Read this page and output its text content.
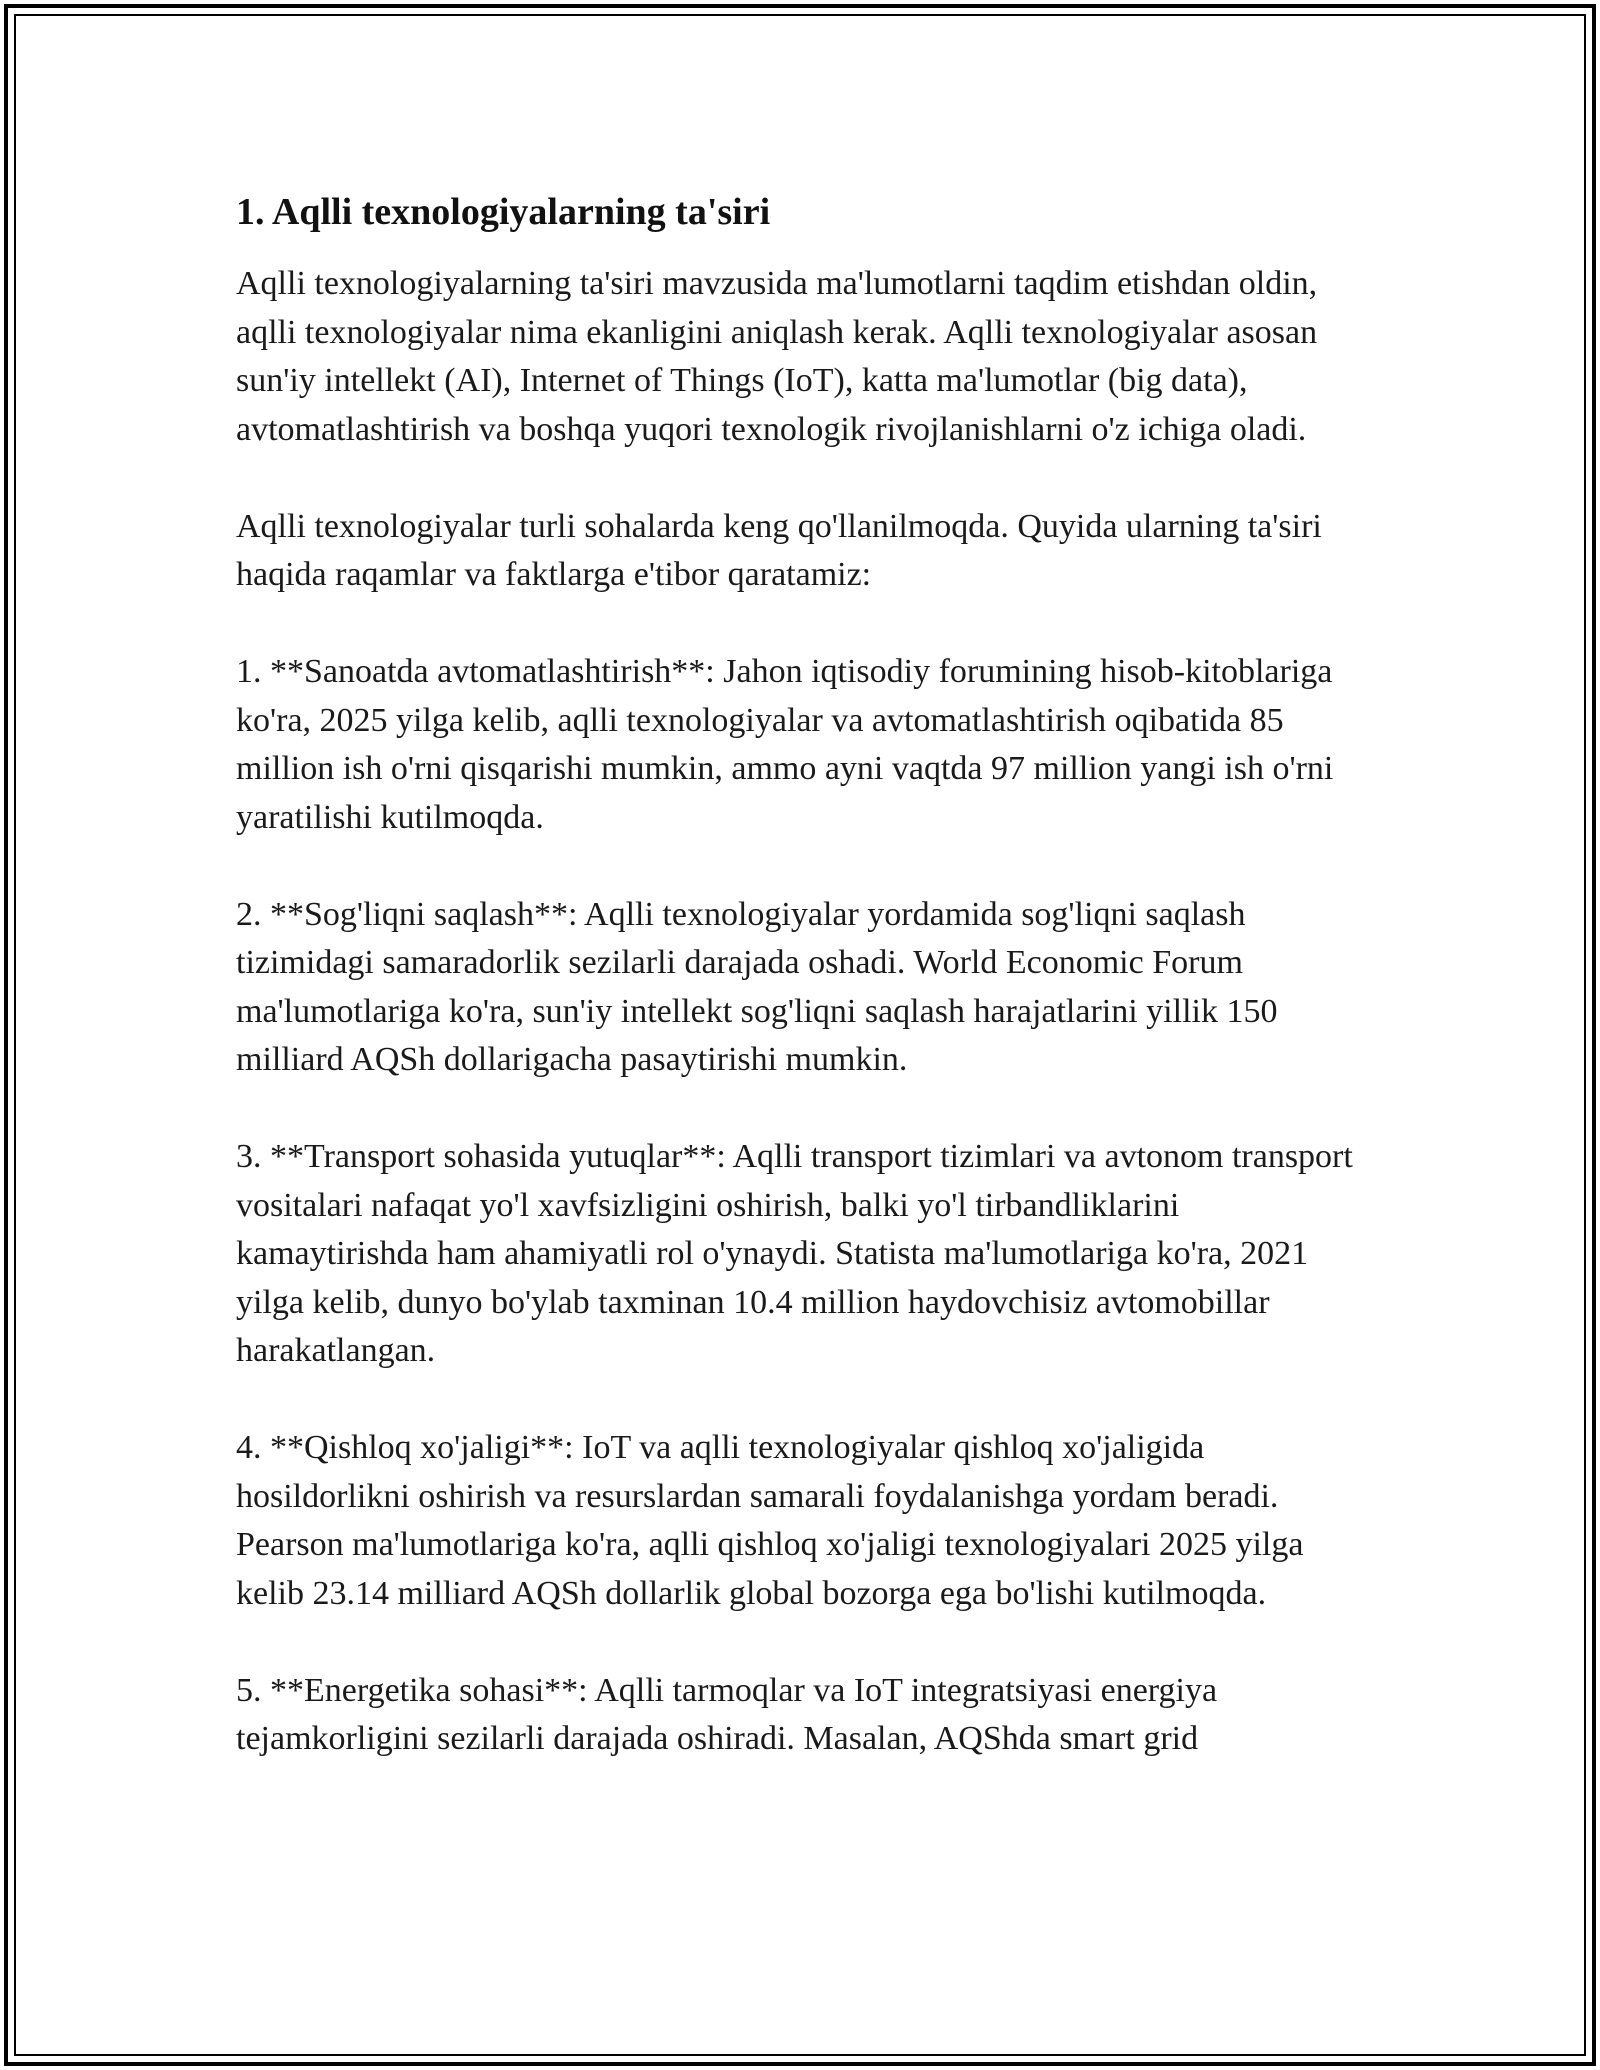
1. Aqlli texnologiyalarning ta'siri

Aqlli texnologiyalarning ta'siri mavzusida ma'lumotlarni taqdim etishdan oldin, aqlli texnologiyalar nima ekanligini aniqlash kerak. Aqlli texnologiyalar asosan sun'iy intellekt (AI), Internet of Things (IoT), katta ma'lumotlar (big data), avtomatlashtirish va boshqa yuqori texnologik rivojlanishlarni o'z ichiga oladi.

Aqlli texnologiyalar turli sohalarda keng qo'llanilmoqda. Quyida ularning ta'siri haqida raqamlar va faktlarga e'tibor qaratamiz:

1. **Sanoatda avtomatlashtirish**: Jahon iqtisodiy forumining hisob-kitoblariga ko'ra, 2025 yilga kelib, aqlli texnologiyalar va avtomatlashtirish oqibatida 85 million ish o'rni qisqarishi mumkin, ammo ayni vaqtda 97 million yangi ish o'rni yaratilishi kutilmoqda.

2. **Sog'liqni saqlash**: Aqlli texnologiyalar yordamida sog'liqni saqlash tizimidagi samaradorlik sezilarli darajada oshadi. World Economic Forum ma'lumotlariga ko'ra, sun'iy intellekt sog'liqni saqlash harajatlarini yillik 150 milliard AQSh dollarigacha pasaytirishi mumkin.

3. **Transport sohasida yutuqlar**: Aqlli transport tizimlari va avtonom transport vositalari nafaqat yo'l xavfsizligini oshirish, balki yo'l tirbandliklarini kamaytirishda ham ahamiyatli rol o'ynaydi. Statista ma'lumotlariga ko'ra, 2021 yilga kelib, dunyo bo'ylab taxminan 10.4 million haydovchisiz avtomobillar harakatlangan.

4. **Qishloq xo'jaligi**: IoT va aqlli texnologiyalar qishloq xo'jaligida hosildorlikni oshirish va resurslardan samarali foydalanishga yordam beradi. Pearson ma'lumotlariga ko'ra, aqlli qishloq xo'jaligi texnologiyalari 2025 yilga kelib 23.14 milliard AQSh dollarlik global bozorga ega bo'lishi kutilmoqda.

5. **Energetika sohasi**: Aqlli tarmoqlar va IoT integratsiyasi energiya tejamkorligini sezilarli darajada oshiradi. Masalan, AQShda smart grid
